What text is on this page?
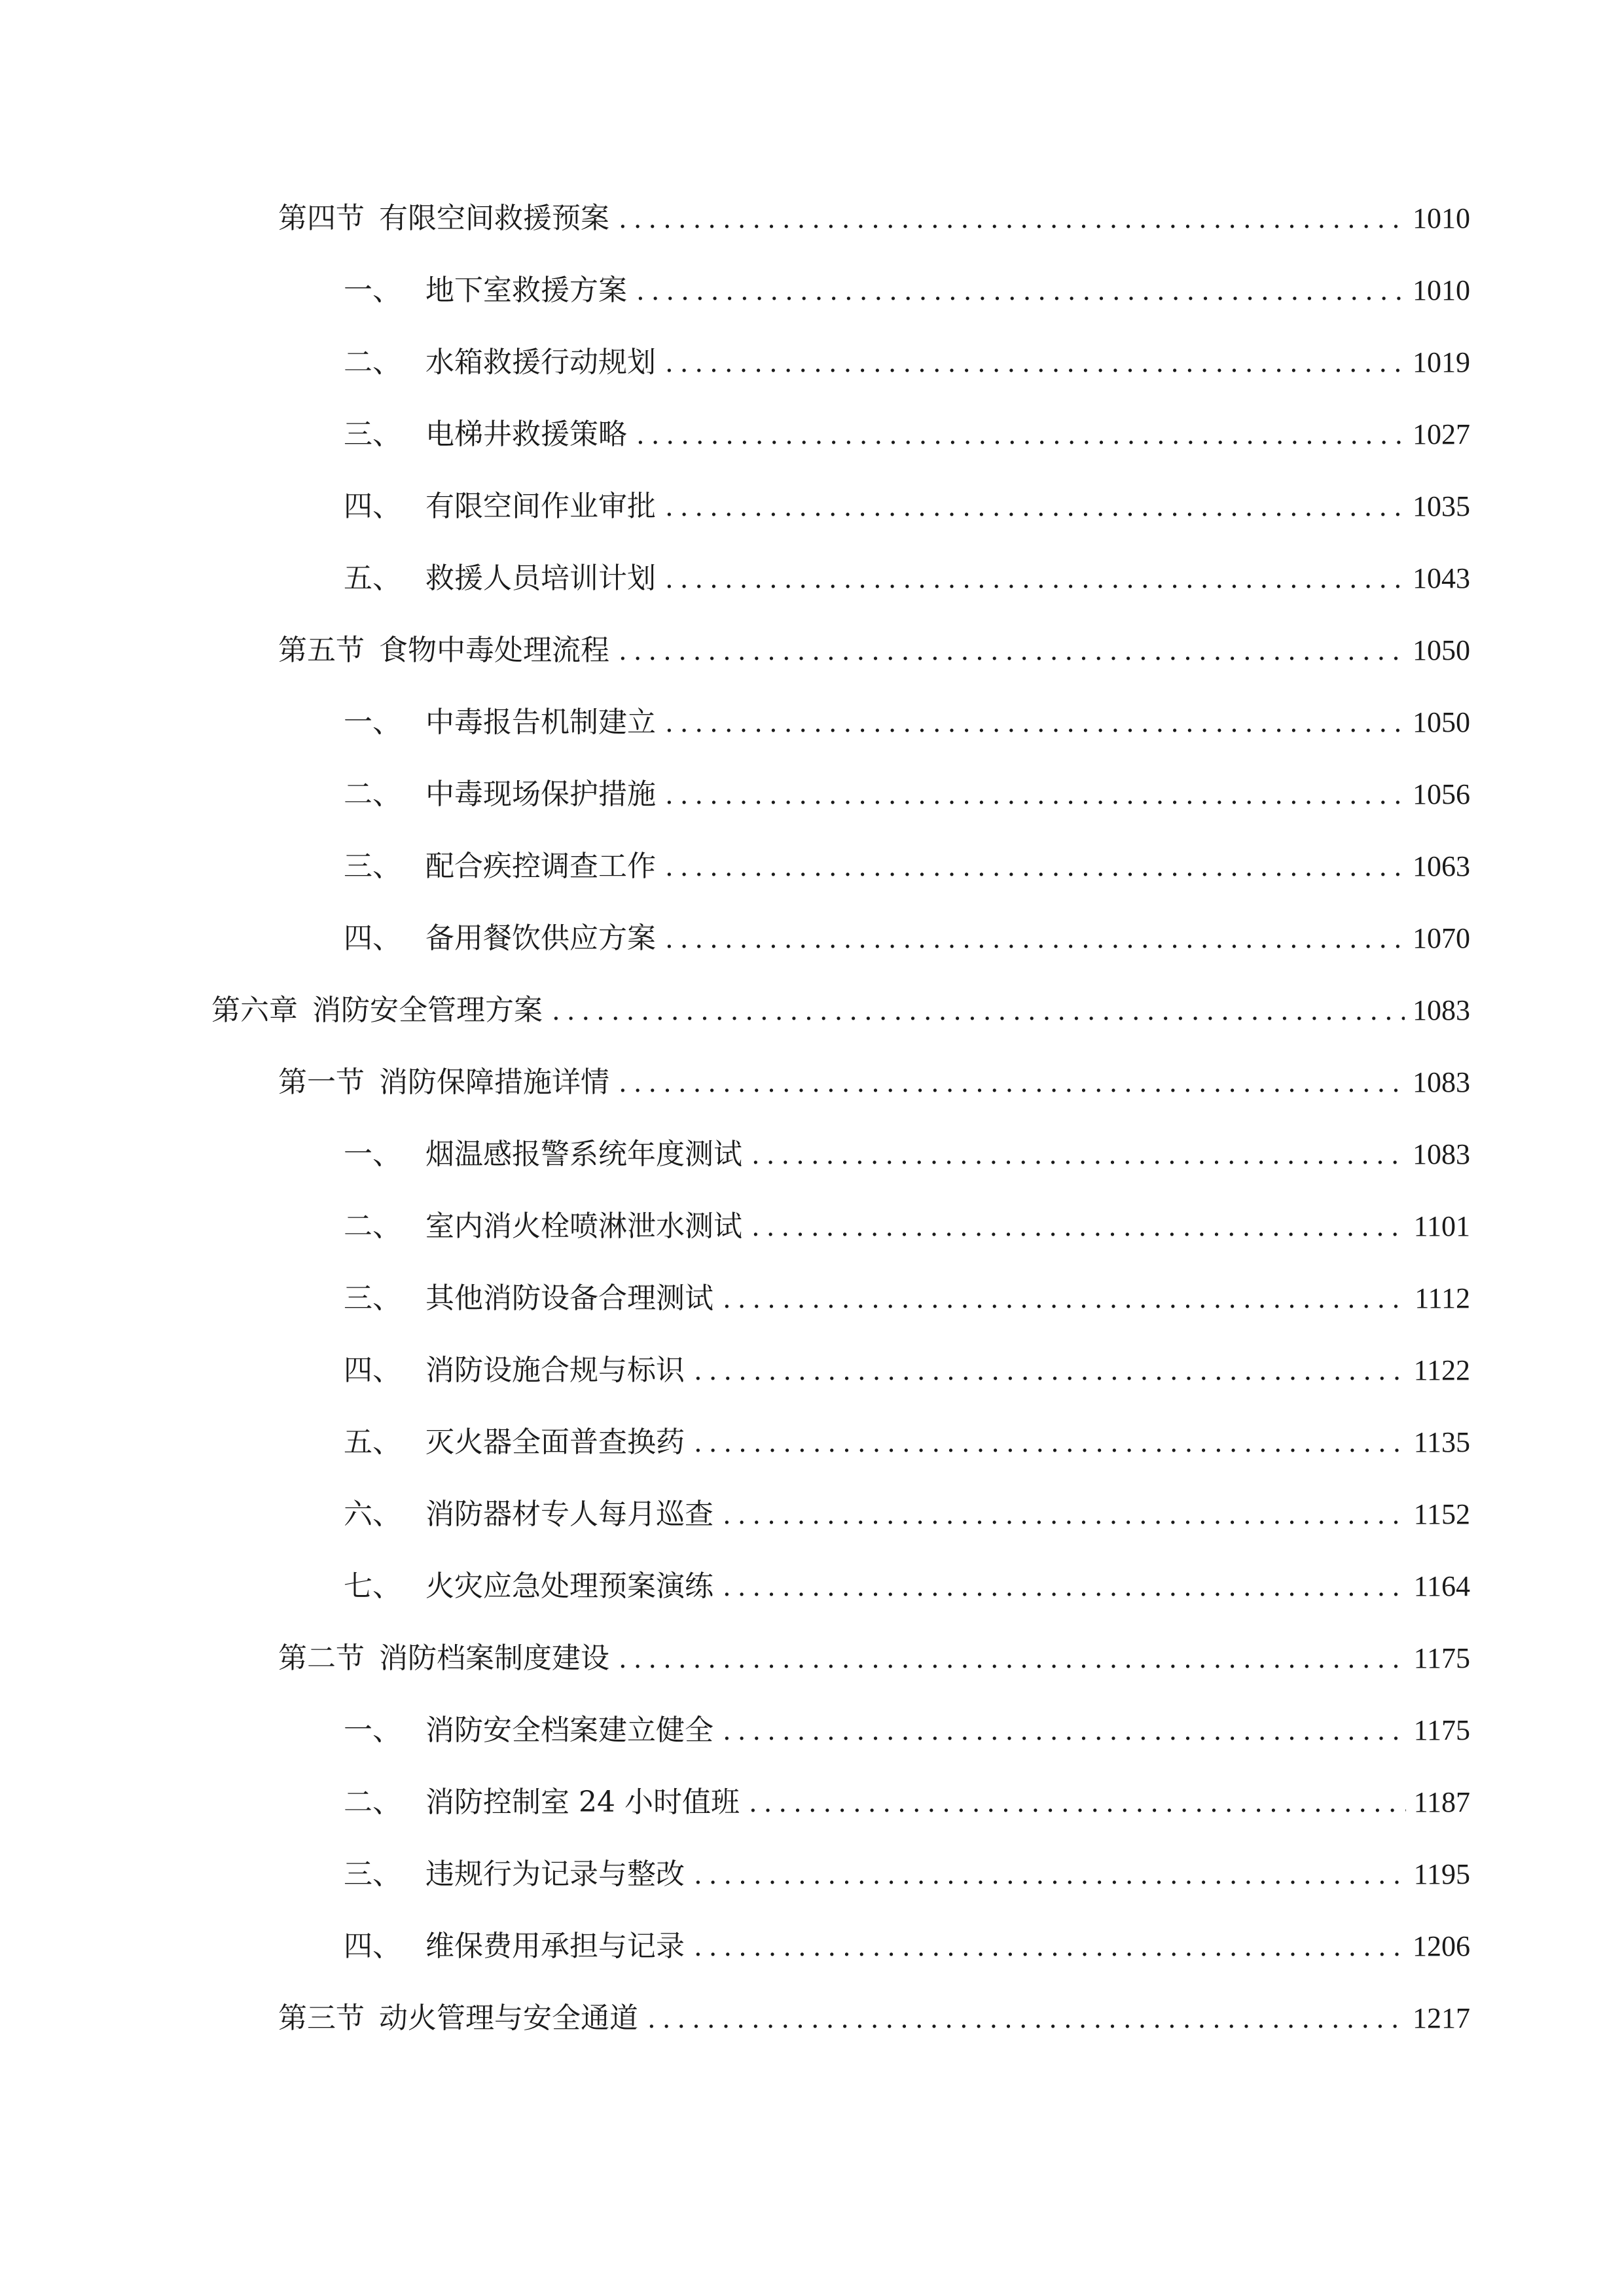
第四节 有限空间救援预案 .....	1010
一、 地下室救援方案 .....	1010
二、 水箱救援行动规划 .....	1019
三、 电梯井救援策略 .....	1027
四、 有限空间作业审批 .....	1035
五、 救援人员培训计划 .....	1043
第五节 食物中毒处理流程 .....	1050
一、 中毒报告机制建立 .....	1050
二、 中毒现场保护措施 .....	1056
三、 配合疾控调查工作 .....	1063
四、 备用餐饮供应方案 .....	1070
第六章 消防安全管理方案 .....	1083
第一节 消防保障措施详情 .....	1083
一、 烟温感报警系统年度测试 .....	1083
二、 室内消火栓喷淋泄水测试 .....	1101
三、 其他消防设备合理测试 .....	1112
四、 消防设施合规与标识 .....	1122
五、 灭火器全面普查换药 .....	1135
六、 消防器材专人每月巡查 .....	1152
七、 火灾应急处理预案演练 .....	1164
第二节 消防档案制度建设 .....	1175
一、 消防安全档案建立健全 .....	1175
二、 消防控制室 24 小时值班 .....	1187
三、 违规行为记录与整改 .....	1195
四、 维保费用承担与记录 .....	1206
第三节 动火管理与安全通道 .....	1217
